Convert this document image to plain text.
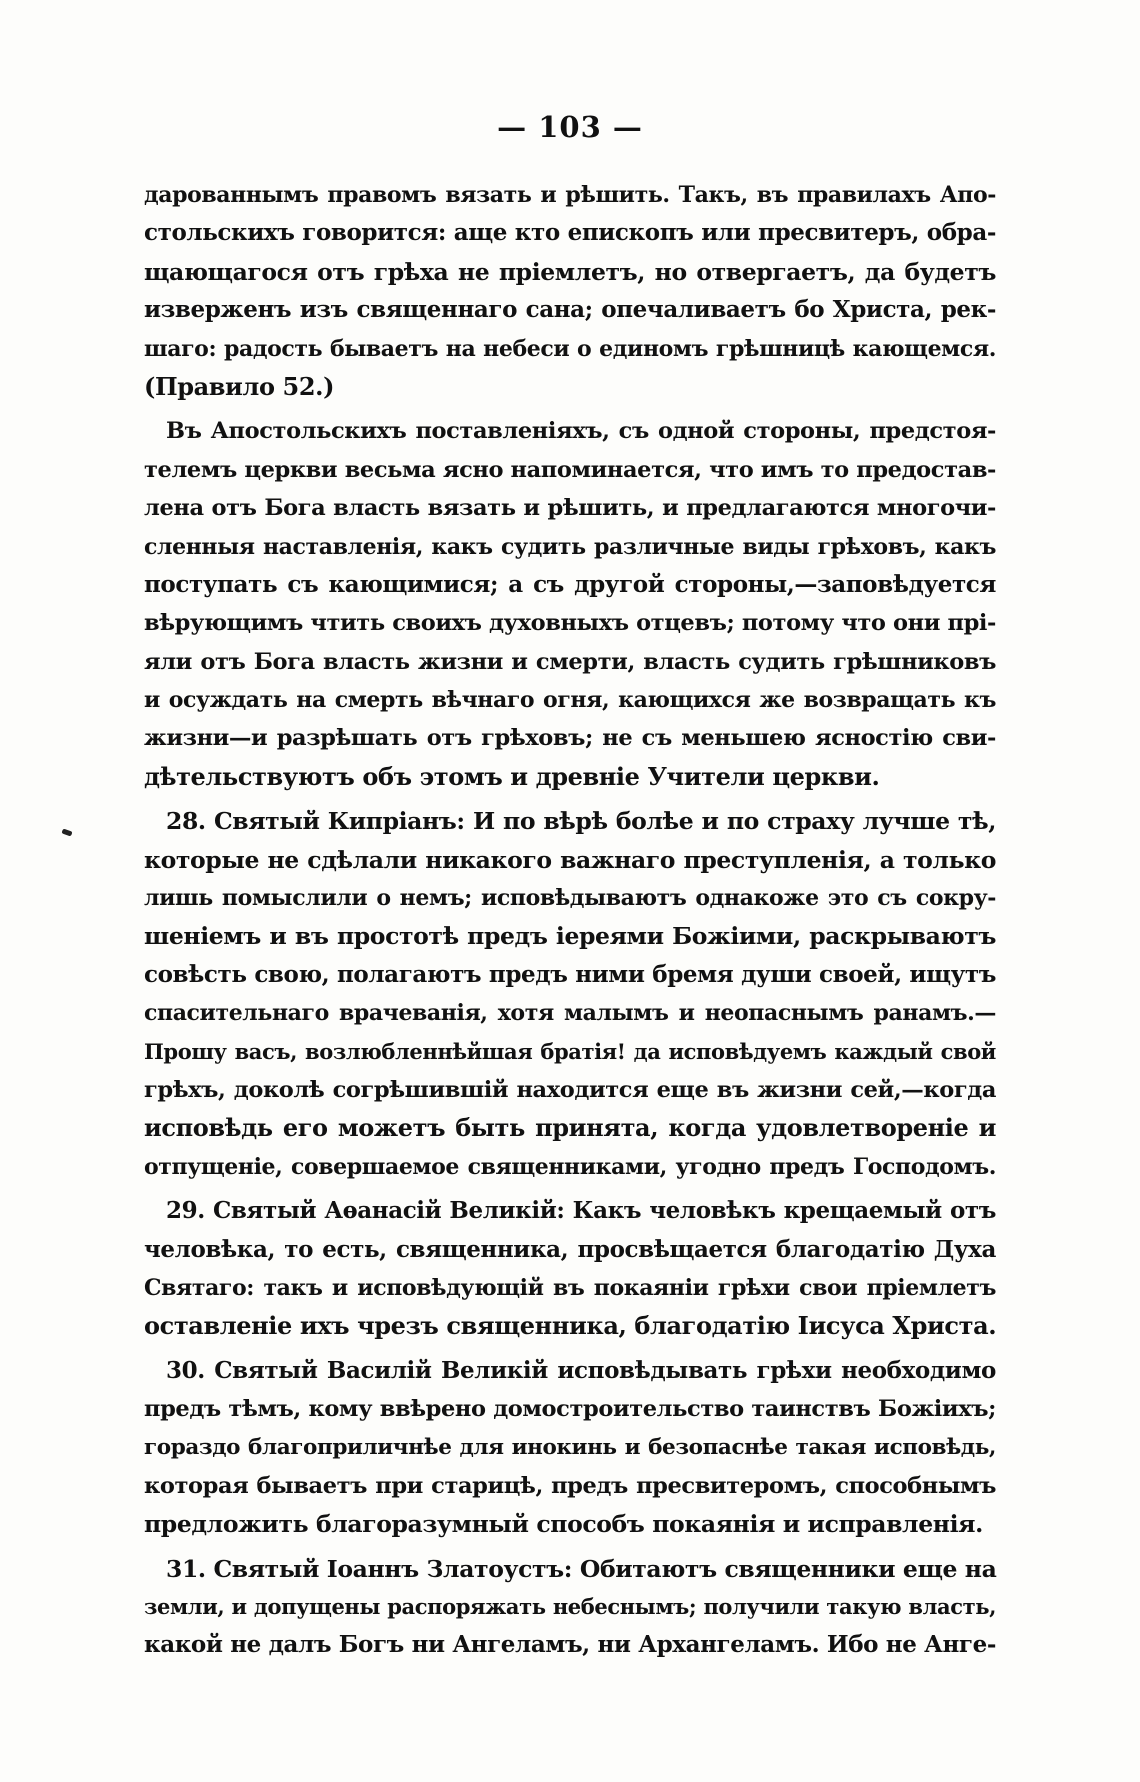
— 103 —
дарованнымъ правомъ вязать и рѣшить. Такъ, въ правилахъ Апо-
стольскихъ говорится: аще кто епископъ или пресвитеръ, обра-
щающагося отъ грѣха не пріемлетъ, но отвергаетъ, да будетъ
изверженъ изъ священнаго сана; опечаливаетъ бо Христа, рек-
шаго: радость бываетъ на небеси о единомъ грѣшницѣ кающемся.
(Правило 52.)
Въ Апостольскихъ поставленіяхъ, съ одной стороны, предстоя-
телемъ церкви весьма ясно напоминается, что имъ то предостав-
лена отъ Бога власть вязать и рѣшить, и предлагаются многочи-
сленныя наставленія, какъ судить различные виды грѣховъ, какъ
поступать съ кающимися; а съ другой стороны,—заповѣдуется
вѣрующимъ чтить своихъ духовныхъ отцевъ; потому что они прі-
яли отъ Бога власть жизни и смерти, власть судить грѣшниковъ
и осуждать на смерть вѣчнаго огня, кающихся же возвращать къ
жизни—и разрѣшать отъ грѣховъ; не съ меньшею ясностію сви-
дѣтельствуютъ объ этомъ и древніе Учители церкви.
28. Святый Кипріанъ: И по вѣрѣ болѣе и по страху лучше тѣ,
которые не сдѣлали никакого важнаго преступленія, а только
лишь помыслили о немъ; исповѣдываютъ однакоже это съ сокру-
шеніемъ и въ простотѣ предъ іереями Божіими, раскрываютъ
совѣсть свою, полагаютъ предъ ними бремя души своей, ищутъ
спасительнаго врачеванія, хотя малымъ и неопаснымъ ранамъ.—
Прошу васъ, возлюбленнѣйшая братія! да исповѣдуемъ каждый свой
грѣхъ, доколѣ согрѣшившій находится еще въ жизни сей,—когда
исповѣдь его можетъ быть принята, когда удовлетвореніе и
отпущеніе, совершаемое священниками, угодно предъ Господомъ.
29. Святый Аѳанасій Великій: Какъ человѣкъ крещаемый отъ
человѣка, то есть, священника, просвѣщается благодатію Духа
Святаго: такъ и исповѣдующій въ покаяніи грѣхи свои пріемлетъ
оставленіе ихъ чрезъ священника, благодатію Іисуса Христа.
30. Святый Василій Великій исповѣдывать грѣхи необходимо
предъ тѣмъ, кому ввѣрено домостроительство таинствъ Божіихъ;
гораздо благоприличнѣе для инокинь и безопаснѣе такая исповѣдь,
которая бываетъ при старицѣ, предъ пресвитеромъ, способнымъ
предложить благоразумный способъ покаянія и исправленія.
31. Святый Іоаннъ Златоустъ: Обитаютъ священники еще на
земли, и допущены распоряжать небеснымъ; получили такую власть,
какой не далъ Богъ ни Ангеламъ, ни Архангеламъ. Ибо не Анге-
